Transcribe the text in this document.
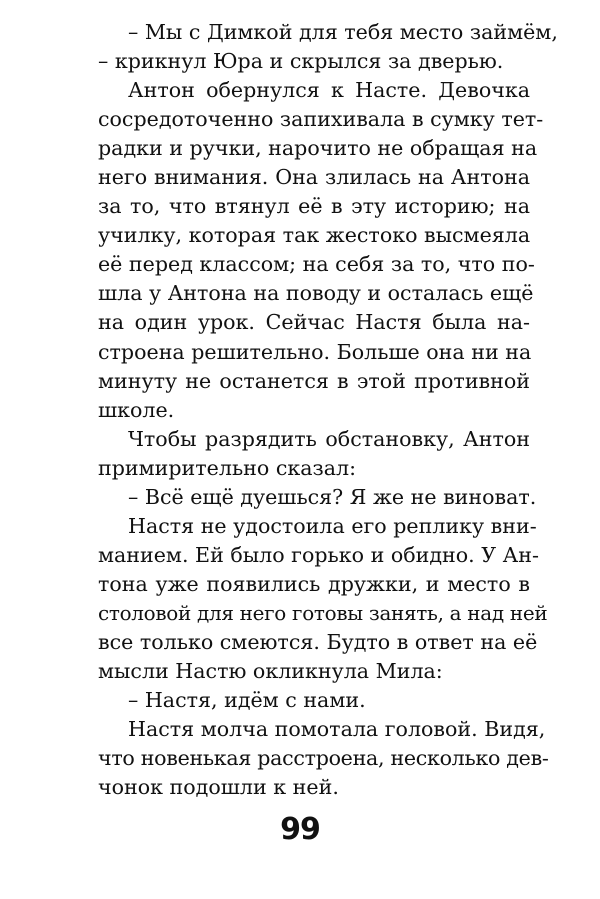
– Мы с Димкой для тебя место займём,
– крикнул Юра и скрылся за дверью.
Антон обернулся к Насте. Девочка
сосредоточенно запихивала в сумку тет-
радки и ручки, нарочито не обращая на
него внимания. Она злилась на Антона
за то, что втянул её в эту историю; на
училку, которая так жестоко высмеяла
её перед классом; на себя за то, что по-
шла у Антона на поводу и осталась ещё
на один урок. Сейчас Настя была на-
строена решительно. Больше она ни на
минуту не останется в этой противной
школе.
Чтобы разрядить обстановку, Антон
примирительно сказал:
– Всё ещё дуешься? Я же не виноват.
Настя не удостоила его реплику вни-
манием. Ей было горько и обидно. У Ан-
тона уже появились дружки, и место в
столовой для него готовы занять, а над ней
все только смеются. Будто в ответ на её
мысли Настю окликнула Мила:
– Настя, идём с нами.
Настя молча помотала головой. Видя,
что новенькая расстроена, несколько дев-
чонок подошли к ней.
99
